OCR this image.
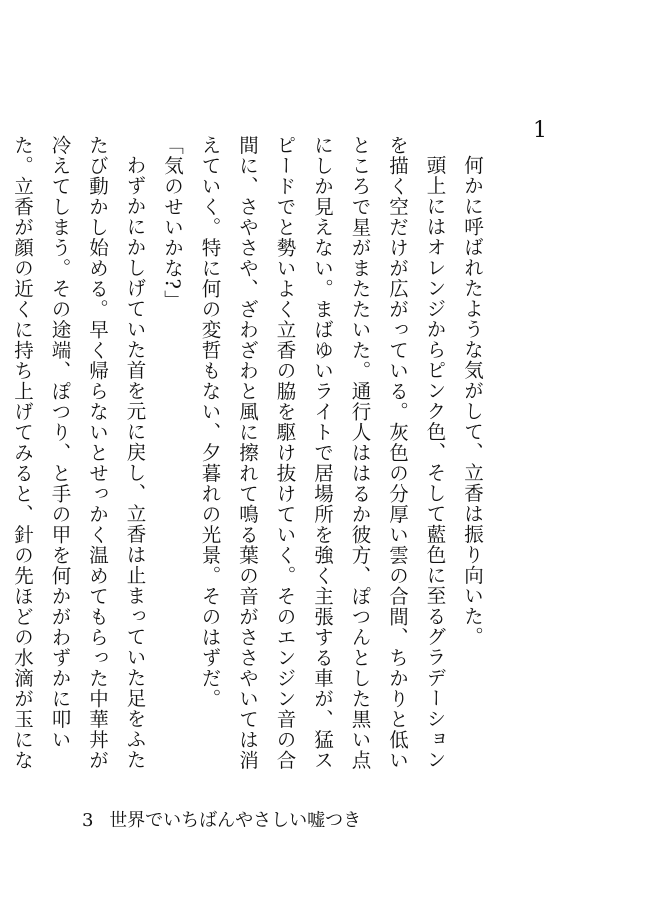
1

何かに呼ばれたような気がして、立香は振り向いた。

頭上にはオレンジからピンク色、そして藍色に至るグラデーションを描く空だけが広がっている。灰色の分厚い雲の合間、ちかりと低いところで星がまたたいた。通行人ははるか彼方、ぽつんとした黒い点にしか見えない。まばゆいライトで居場所を強く主張する車が、猛スピードでと勢いよく立香の脇を駆け抜けていく。そのエンジン音の合間に、さやさや、ざわざわと風に擦れて鳴る葉の音がささやいては消えていく。特に何の変哲もない、夕暮れの光景。そのはずだ。

「気のせいかな?」

わずかにかしげていた首を元に戻し、立香は止まっていた足をふたたび動かし始める。早く帰らないとせっかく温めてもらった中華丼が冷えてしまう。その途端、ぽつり、と手の甲を何かがわずかに叩いた。立香が顔の近くに持ち上げてみると、針の先ほどの水滴が玉にな

3 世界でいちばんやさしい嘘つき
